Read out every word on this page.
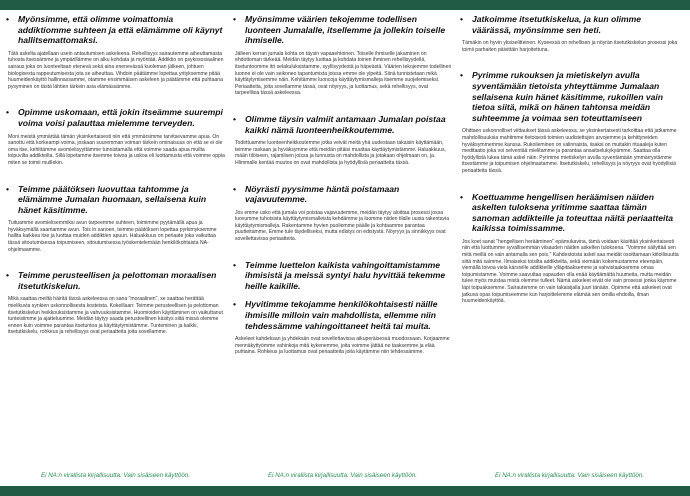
•	Myönsimme, että olimme voimattomia addiktiomme suhteen ja että elämämme oli käynyt hallitsemattomaksi.

Tätä askelta ajatellaan usein antautumisen askeleena. Rehellisyys sairautemme aiheuttamasta tuhosta itsessämme ja ympärillämme on alku kohdata ja myöntää. Addiktio on psykososiaalinen sairaus joka on luonteeltaan etenevä sekä aina enenevässä kuoleman jälkeen, johtuen biologisesta rappeutumisesta jota se aiheuttaa. Vihdoin päätämme lopettaa yrityksemme pitää huumeidenkäyttö hallinnassamme, otamme ensimmäisen askeleen ja päätämme että puhtaana pysyminen on tästä lähtien tärkein asia elämässämme.

•	Opimme uskomaan, että jokin itseämme suurempi voima voisi palauttaa mielemme terveyden.

Moni meistä ymmärtää tämän yksinkertaisesti niin että ymmärsimme tarvitsevamme apua. On sanottu että korkeampi voima, joskaan suuremman voiman tärkein ominaisuus on että se ei ole oma itse, kehittämme avomielisyyttämme tunnistamalla että voimme saada apua muilta toipuvilta addikteilta. Sillä lopetamme itsemme toivoa ja uskoa eli luottamusta että voimme oppia miten se toimii muillekin.

•	Teimme päätöksen luovuttaa tahtomme ja elämämme Jumalan huomaan, sellaisena kuin hänet käsitimme.

Tuituamme avomielisemmiksi avun tarpeemme suhteen, toimimme pyytämällä apua ja hyväksymällä saamamme avun. Tois in sanoen, teimme päätöksen lopettaa pyrkimyksemme hallita kaikkea itse ja luottaa muiden addiktien apuun. Haluakkuus on periaate joka vaikuttaa tässä sitoutumisessa toipumiseen, sitoutumisessa työskentelemään henkilökohtaista NA-ohjelmaamme.

•	Teimme perusteellisen ja pelottoman moraalisen itsetutkiskelun.

Mikä saattaa meiltä häiritä tässä askeleessa on sana "moraalinen", se saattaa herättää mielikuvia synkien uskonnollisesta kosteista. Kokeillaan: Teimme perusteellisen ja pelottoman itsetutkiskelun heikkouksistamme ja vahvuuksistamme. Huomioiden käyttäminen on vaikuttanut tunteisiimme ja ajatteluumme. Meidän täytyy saada perusteellinen käsitys siitä missä olemme ennen kuin voimme parantaa itsetuntoa ja käyttäytymistämme. Tunteminen ja kaikki, itsetutkiskelu, rohkeus ja rehellisyys ovat periaatteita joita sovellamme.

•	Myönsimme väärien tekojemme todellisen luonteen Jumalalle, itsellemme ja jollekin toiselle ihmiselle.

Jälleen kerran jumala kohta on täysin vapaaehtoinen. Toiselle ihmiselle jakaminen on ehdottoman tärkeää. Meidän täytyy luottaa ja kohdata toinen ihminen rehellisyydellä, itsetuntoomme itri selakuluksistamme, syyllisyydestä ja häpeästä. Väärien tekojemme todellinen luonne ei ole vain seikoneo tapantumista joissa emme ole ylpeitä. Siinä tunnistetaan mikä käyttäytymisemme näin. Kehitämme luoncoja käyttäytymismalleja itsemme suojelemiseksi. Periaatteita, joita sovellamme tässä, ovat nöyryys, ja luottamus, sekä rehellisyys, ovat tarpeellisia tässä askeleessa.

•	Olimme täysin valmiit antamaan Jumalan poistaa kaikki nämä luonteenheikkoutemme.

Todettuamme luonteenheikkoutemme jotka veivät meitä yhä uudestaan takaisin käyttämään, teimme raskaan ja hyväksymme että meidän pitäisi muuttaa käyttäytymistämme. Haluakkuus, mään tilöiseen, rajamlisen joissa ja tunnusta on mahdollista ja jotakaan ohjelmaan on, ja. Hlimmalle kentää muutos on ovat mahdollista ja hyödyllisiä periaatteita tässä.

•	Nöyrästi pyysimme häntä poistamaan vajavuutemme.

Jos emme usko että jumala voi poistaa vajavuutemme, meidän täytyy aloittaa prosessi jossa luovumme tuhoisista käyttäytymismalleista kehdämme ja luomme niiden tilalle uusia rakentavia käyttäytymismalleja. Rakentamme hyvien puoliemme päälle ja kohtaamme parantaa puutteitamme. Emme tule täydelliseksi, mutta edistys on edistystä. Nöyryys ja sinnikkyys ovat sovellettavissa periaatteita.

•	Teimme luettelon kaikista vahingoittamistamme ihmisistä ja meissä syntyi halu hyvittää tekemme heille kaikille.

•	Hyvitimme tekojamme henkilökohtaisesti näille ihmisille milloin vain mahdollista, ellemme niin tehdessämme vahingoittaneet heitä tai muita.

Askeleet kahdeksan ja yhdeksän ovat sovellettavissa aikuperäisessä muodossaan. Korjaamme mennäkyttyömme vahinkoja mitä kykenemme, joita voimme jättää ne taaksemme ja elää puhtaina. Rohkeus ja luottamus ovat periaatteita joita käytämme niin tehdessämme.

•	Jatkoimme itsetutkiskelua, ja kun olimme väärässä, myönsimme sen heti.

Tämäkin on hyvin yksiselitteinen. Kyseessä on rehellisen ja nöyrän itsetutkiskelun prosessi joka toimii parhaiten päivittäin harjoitettuna.

•	Pyrimme rukouksen ja mietiskelyn avulla syventämään tietoista yhteyttämme Jumalaan sellaisena kuin hänet käsitimme, rukoillen vain tietoa siitä, mikä on hänen tahtonsa meidän suhteemme ja voimaa sen toteuttamiseen

Ohittaen uskonnolliset viittaukset tässä askeleessa, se yksinkertaisesti tarkoittaa että jatkamme mahdollisuuksia mahtimme tietoisesti toimien uudistettujen arvojemme ja kehittyneiden hyväksymmemme kanssa. Rukoileminen on valinnaista, iisaksi on muitakin rituaaleja kuten meditaatio joka voi selventää mielitamme ja parantaa ansaitselukykyämme. Saattaa olla hyödyllistä lukea tämä askel näin: Pyrimme mietiskelyn avulla syventämään ymmärrystämme itsestämme ja toipumisen ohjelmastamme. Itsetutkiskelu, rehellisyys ja nöyryys ovat hyödyllisiä periaatteita tässä.

•	Koettuamme hengellisen heräämisen näiden askelten tuloksena yritimme saattaa tämän sanoman addikteille ja toteuttaa näitä periaatteita kaikissa toimissamme.

Jos koet sanat "hengellisen herääminen" epämukavina, tämä voidaan käsittää yksinkertaisesti niin että luottumme syvällisemmän viisauden näiden askelten tuloksena. "Voimme säilyttää sen mitä meillä on vain antamalla sen pois." Kahdestoista askel saa meidät osoittamaan kiitollisuutta siitä mitä saimme. Ilmaiseksi toisilta addikteilta, sekä viemään kokemustamme eteenpäin, viemällä toivoa viela kärsiville addikteille ylläpitäaksemme ja vahvistaaksemme omaa toipumistamme. Voimme saavuttaa vapauden olla enää käyttämättä huumeita, mutta meidän tulee myös muistaa mistä olemme tulleet. Nämä askeleet eivät ole vain prosessi jonka käymme läpi toipuaksemme. Sairautemme on vain takaisijalla juuri tänään. Opimme että askeleet ovat jatkuva opas toipumiseemme kun harjoittelemme elämää sen omilla ehdoilla, ilman huumeidenkäyttöä.

Ei NA:n virallista kirjallisuutta. Vain sisäiseen käyttöön.	Ei NA:n virallista kirjallisuutta. Vain sisäiseen käyttöön.	Ei NA:n virallista kirjallisuutta. Vain sisäiseen käyttöön.
